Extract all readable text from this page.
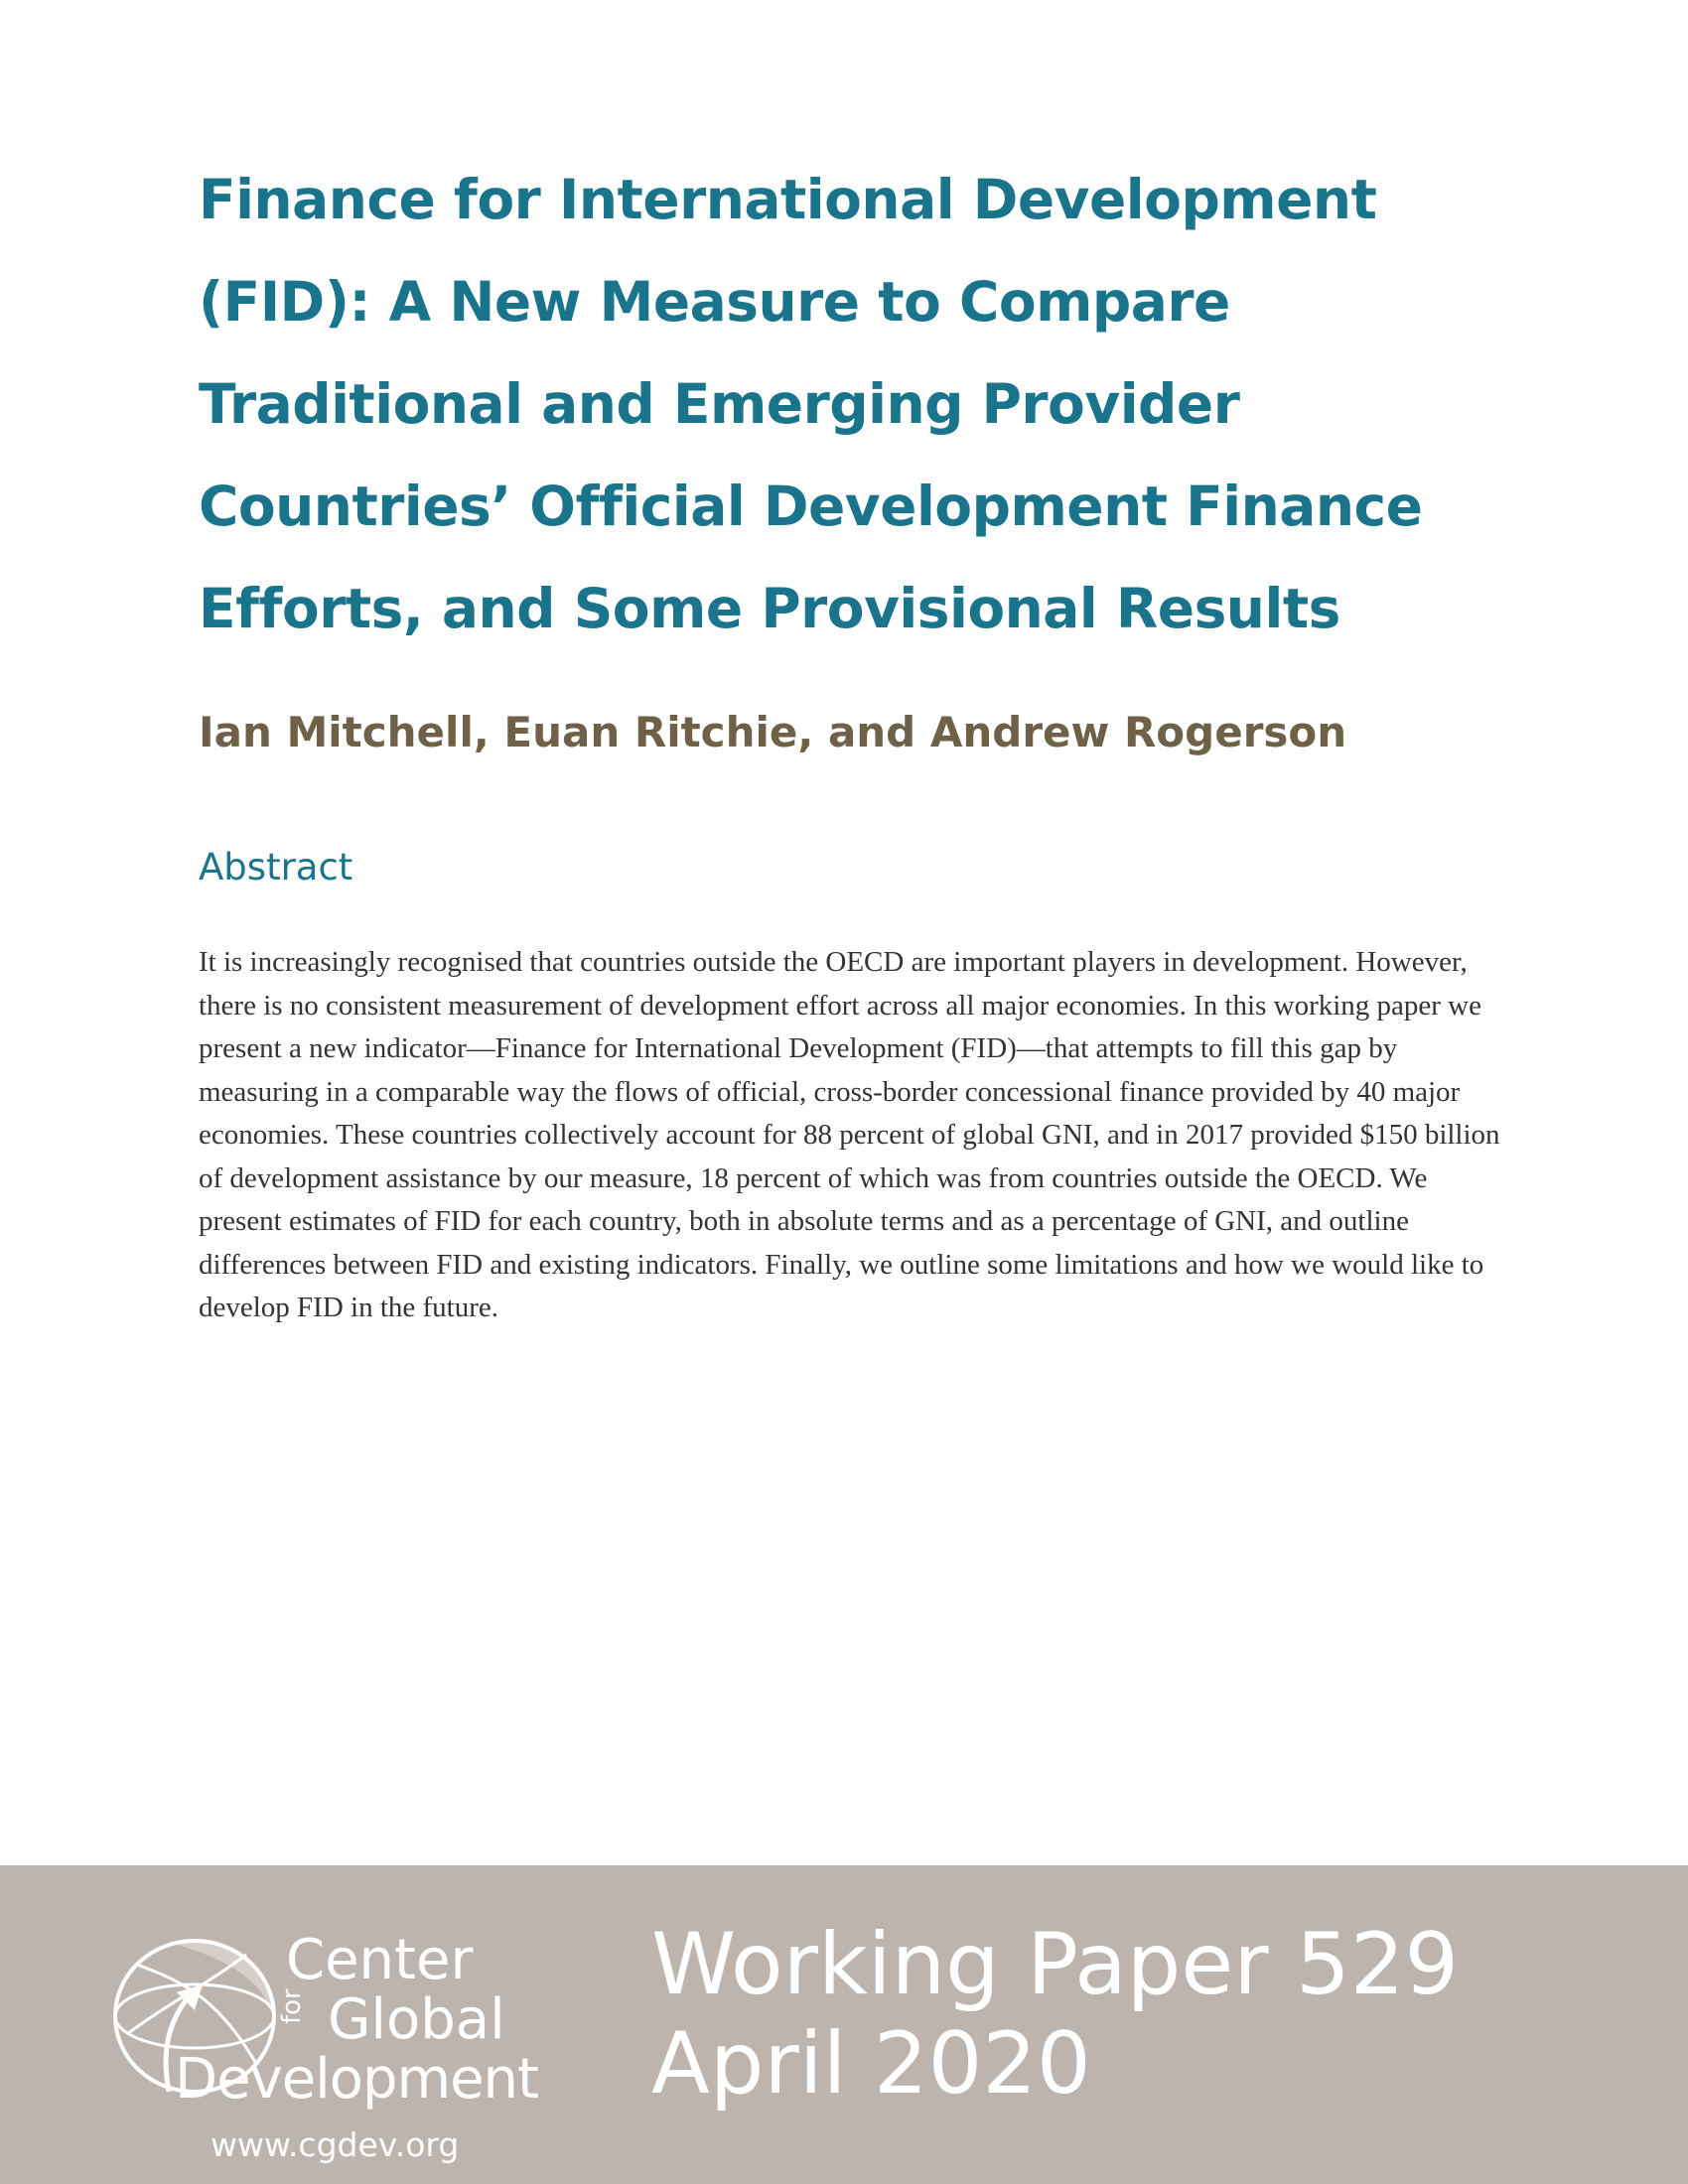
Finance for International Development (FID): A New Measure to Compare Traditional and Emerging Provider Countries’ Official Development Finance Efforts, and Some Provisional Results
Ian Mitchell, Euan Ritchie, and Andrew Rogerson
Abstract

It is increasingly recognised that countries outside the OECD are important players in development. However, there is no consistent measurement of development effort across all major economies. In this working paper we present a new indicator—Finance for International Development (FID)—that attempts to fill this gap by measuring in a comparable way the flows of official, cross-border concessional finance provided by 40 major economies. These countries collectively account for 88 percent of global GNI, and in 2017 provided $150 billion of development assistance by our measure, 18 percent of which was from countries outside the OECD. We present estimates of FID for each country, both in absolute terms and as a percentage of GNI, and outline differences between FID and existing indicators. Finally, we outline some limitations and how we would like to develop FID in the future.

Center
for Global
Development
www.cgdev.org
Working Paper 529
April 2020
